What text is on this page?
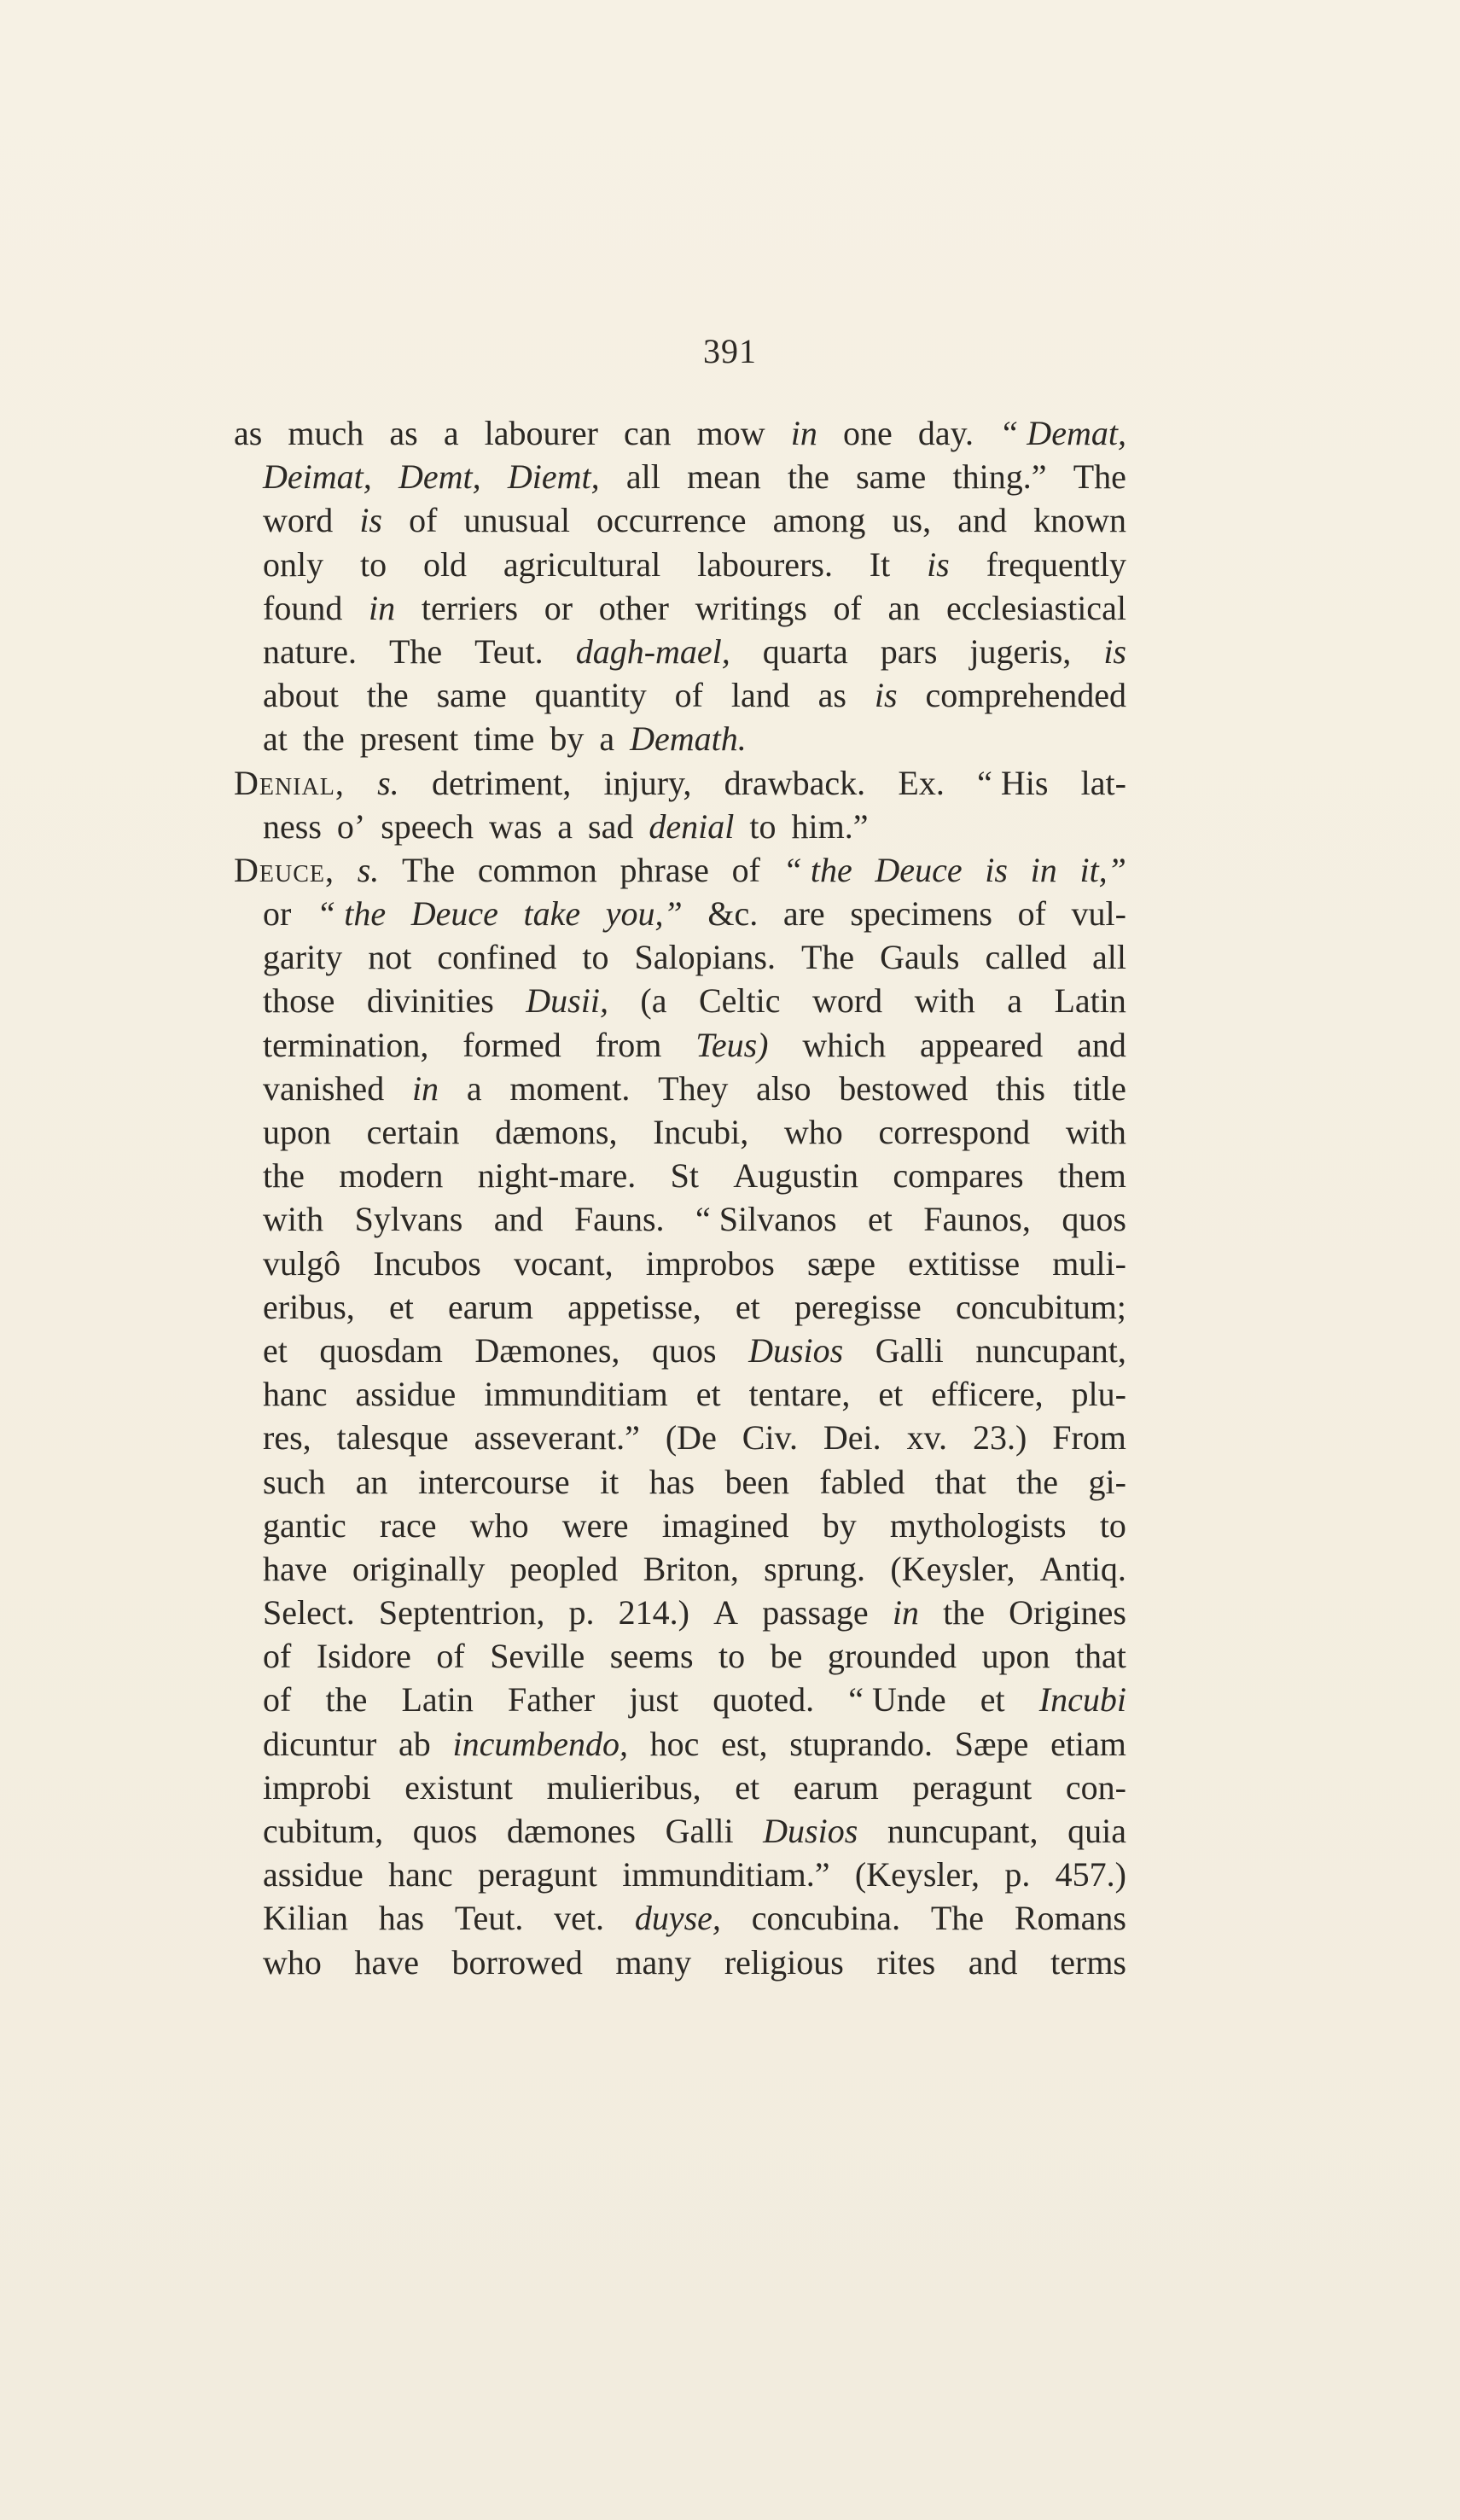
391
as much as a labourer can mow in one day. “ Demat,
Deimat, Demt, Diemt, all mean the same thing.” The
word is of unusual occurrence among us, and known
only to old agricultural labourers. It is frequently
found in terriers or other writings of an ecclesiastical
nature. The Teut. dagh-mael, quarta pars jugeris, is
about the same quantity of land as is comprehended
at the present time by a Demath.
Denial, s. detriment, injury, drawback. Ex. “ His lat-
ness o’ speech was a sad denial to him.”
Deuce, s. The common phrase of “ the Deuce is in it,”
or “ the Deuce take you,” &c. are specimens of vul-
garity not confined to Salopians. The Gauls called all
those divinities Dusii, (a Celtic word with a Latin
termination, formed from Teus) which appeared and
vanished in a moment. They also bestowed this title
upon certain dæmons, Incubi, who correspond with
the modern night-mare. St Augustin compares them
with Sylvans and Fauns. “ Silvanos et Faunos, quos
vulgô Incubos vocant, improbos sæpe extitisse muli-
eribus, et earum appetisse, et peregisse concubitum;
et quosdam Dæmones, quos Dusios Galli nuncupant,
hanc assidue immunditiam et tentare, et efficere, plu-
res, talesque asseverant.” (De Civ. Dei. xv. 23.) From
such an intercourse it has been fabled that the gi-
gantic race who were imagined by mythologists to
have originally peopled Briton, sprung. (Keysler, Antiq.
Select. Septentrion, p. 214.) A passage in the Origines
of Isidore of Seville seems to be grounded upon that
of the Latin Father just quoted. “ Unde et Incubi
dicuntur ab incumbendo, hoc est, stuprando. Sæpe etiam
improbi existunt mulieribus, et earum peragunt con-
cubitum, quos dæmones Galli Dusios nuncupant, quia
assidue hanc peragunt immunditiam.” (Keysler, p. 457.)
Kilian has Teut. vet. duyse, concubina. The Romans
who have borrowed many religious rites and terms
